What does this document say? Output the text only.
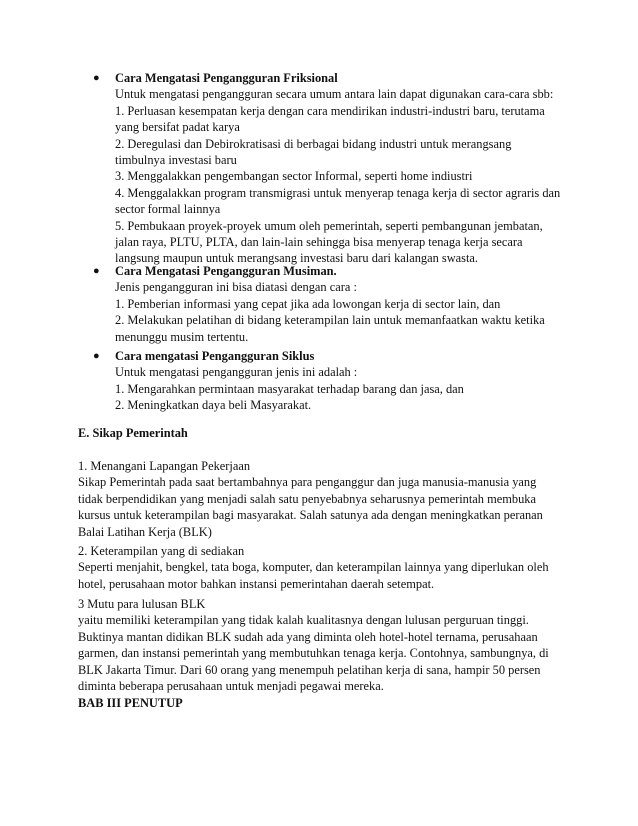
● Cara Mengatasi Pengangguran Friksional
Untuk mengatasi pengangguran secara umum antara lain dapat digunakan cara-cara sbb:
1. Perluasan kesempatan kerja dengan cara mendirikan industri-industri baru, terutama
yang bersifat padat karya
2. Deregulasi dan Debirokratisasi di berbagai bidang industri untuk merangsang
timbulnya investasi baru
3. Menggalakkan pengembangan sector Informal, seperti home indiustri
4. Menggalakkan program transmigrasi untuk menyerap tenaga kerja di sector agraris dan
sector formal lainnya
5. Pembukaan proyek-proyek umum oleh pemerintah, seperti pembangunan jembatan,
jalan raya, PLTU, PLTA, dan lain-lain sehingga bisa menyerap tenaga kerja secara
langsung maupun untuk merangsang investasi baru dari kalangan swasta.
● Cara Mengatasi Pengangguran Musiman.
Jenis pengangguran ini bisa diatasi dengan cara :
1. Pemberian informasi yang cepat jika ada lowongan kerja di sector lain, dan
2. Melakukan pelatihan di bidang keterampilan lain untuk memanfaatkan waktu ketika
menunggu musim tertentu.
● Cara mengatasi Pengangguran Siklus
Untuk mengatasi pengangguran jenis ini adalah :
1. Mengarahkan permintaan masyarakat terhadap barang dan jasa, dan
2. Meningkatkan daya beli Masyarakat.
E. Sikap Pemerintah
1. Menangani Lapangan Pekerjaan
Sikap Pemerintah pada saat bertambahnya para penganggur dan juga manusia-manusia yang
tidak berpendidikan yang menjadi salah satu penyebabnya seharusnya pemerintah membuka
kursus untuk keterampilan bagi masyarakat. Salah satunya ada dengan meningkatkan peranan
Balai Latihan Kerja (BLK)
2. Keterampilan yang di sediakan
Seperti menjahit, bengkel, tata boga, komputer, dan keterampilan lainnya yang diperlukan oleh
hotel, perusahaan motor bahkan instansi pemerintahan daerah setempat.
3 Mutu para lulusan BLK
yaitu memiliki keterampilan yang tidak kalah kualitasnya dengan lulusan perguruan tinggi.
Buktinya mantan didikan BLK sudah ada yang diminta oleh hotel-hotel ternama, perusahaan
garmen, dan instansi pemerintah yang membutuhkan tenaga kerja. Contohnya, sambungnya, di
BLK Jakarta Timur. Dari 60 orang yang menempuh pelatihan kerja di sana, hampir 50 persen
diminta beberapa perusahaan untuk menjadi pegawai mereka.
BAB III PENUTUP
